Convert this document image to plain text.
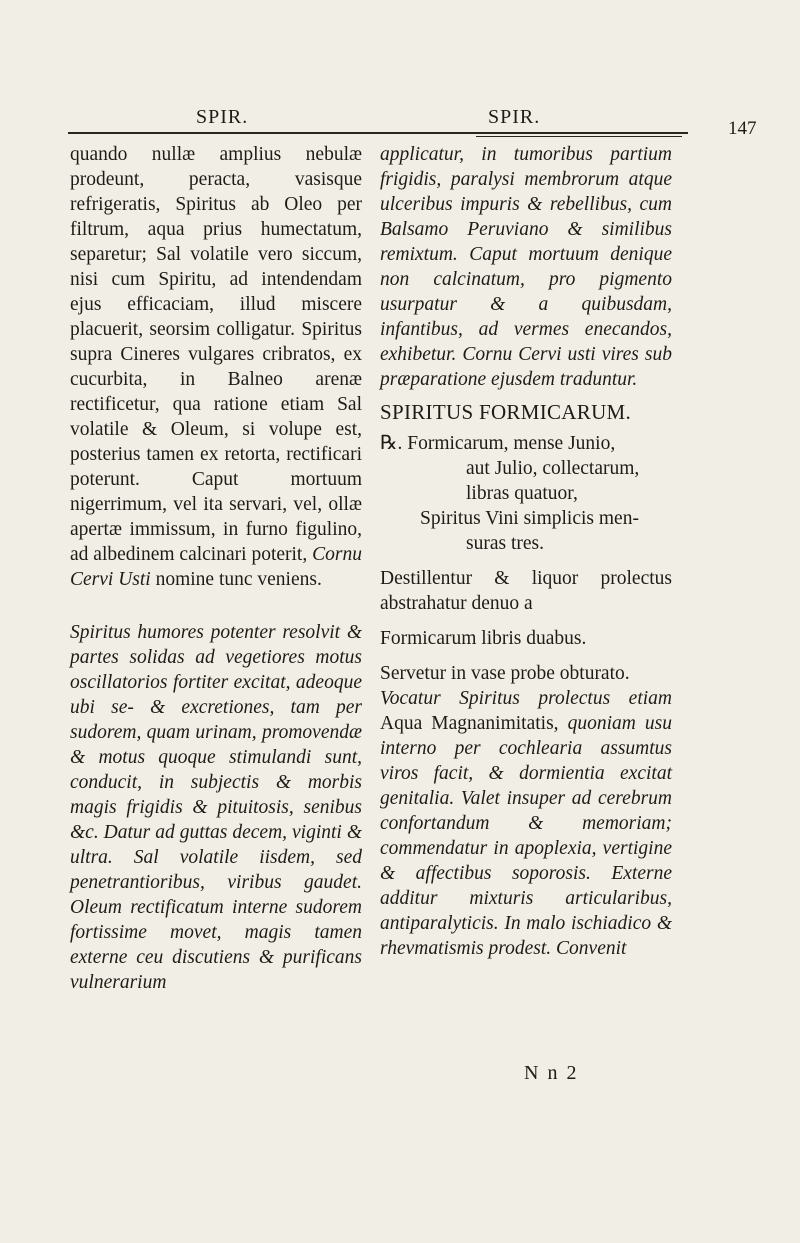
SPIR.	SPIR.
147

quando nullæ amplius nebulæ prodeunt, peracta, vasisque refrigeratis, Spiritus ab Oleo per filtrum, aqua prius humectatum, separetur; Sal volatile vero siccum, nisi cum Spiritu, ad intendendam ejus efficaciam, illud miscere placuerit, seorsim colligatur. Spiritus supra Cineres vulgares cribratos, ex cucurbita, in Balneo arenæ rectificetur, qua ratione etiam Sal volatile & Oleum, si volupe est, posterius tamen ex retorta, rectificari poterunt. Caput mortuum nigerrimum, vel ita servari, vel, ollæ apertæ immissum, in furno figulino, ad albedinem calcinari poterit, Cornu Cervi Usti nomine tunc veniens.

Spiritus humores potenter resolvit & partes solidas ad vegetiores motus oscillatorios fortiter excitat, adeoque ubi se- & excretiones, tam per sudorem, quam urinam, promovendæ & motus quoque stimulandi sunt, conducit, in subjectis & morbis magis frigidis & pituitosis, senibus &c. Datur ad guttas decem, viginti & ultra. Sal volatile iisdem, sed penetrantioribus, viribus gaudet. Oleum rectificatum interne sudorem fortissime movet, magis tamen externe ceu discutiens & purificans vulnerarium

applicatur, in tumoribus partium frigidis, paralysi membrorum atque ulceribus impuris & rebellibus, cum Balsamo Peruviano & similibus remixtum. Caput mortuum denique non calcinatum, pro pigmento usurpatur & a quibusdam, infantibus, ad vermes enecandos, exhibetur. Cornu Cervi usti vires sub præparatione ejusdem traduntur.

SPIRITUS FORMICARUM.
℞. Formicarum, mense Junio,
aut Julio, collectarum,
libras quatuor,
Spiritus Vini simplicis men-
suras tres.

Destillentur & liquor prolectus abstrahatur denuo a

Formicarum libris duabus.

Servetur in vase probe obturato.

Vocatur Spiritus prolectus etiam Aqua Magnanimitatis, quoniam usu interno per cochlearia assumtus viros facit, & dormientia excitat genitalia. Valet insuper ad cerebrum confortandum & memoriam; commendatur in apoplexia, vertigine & affectibus soporosis. Externe additur mixturis articularibus, antiparalyticis. In malo ischiadico & rhevmatismis prodest. Convenit

N n 2
